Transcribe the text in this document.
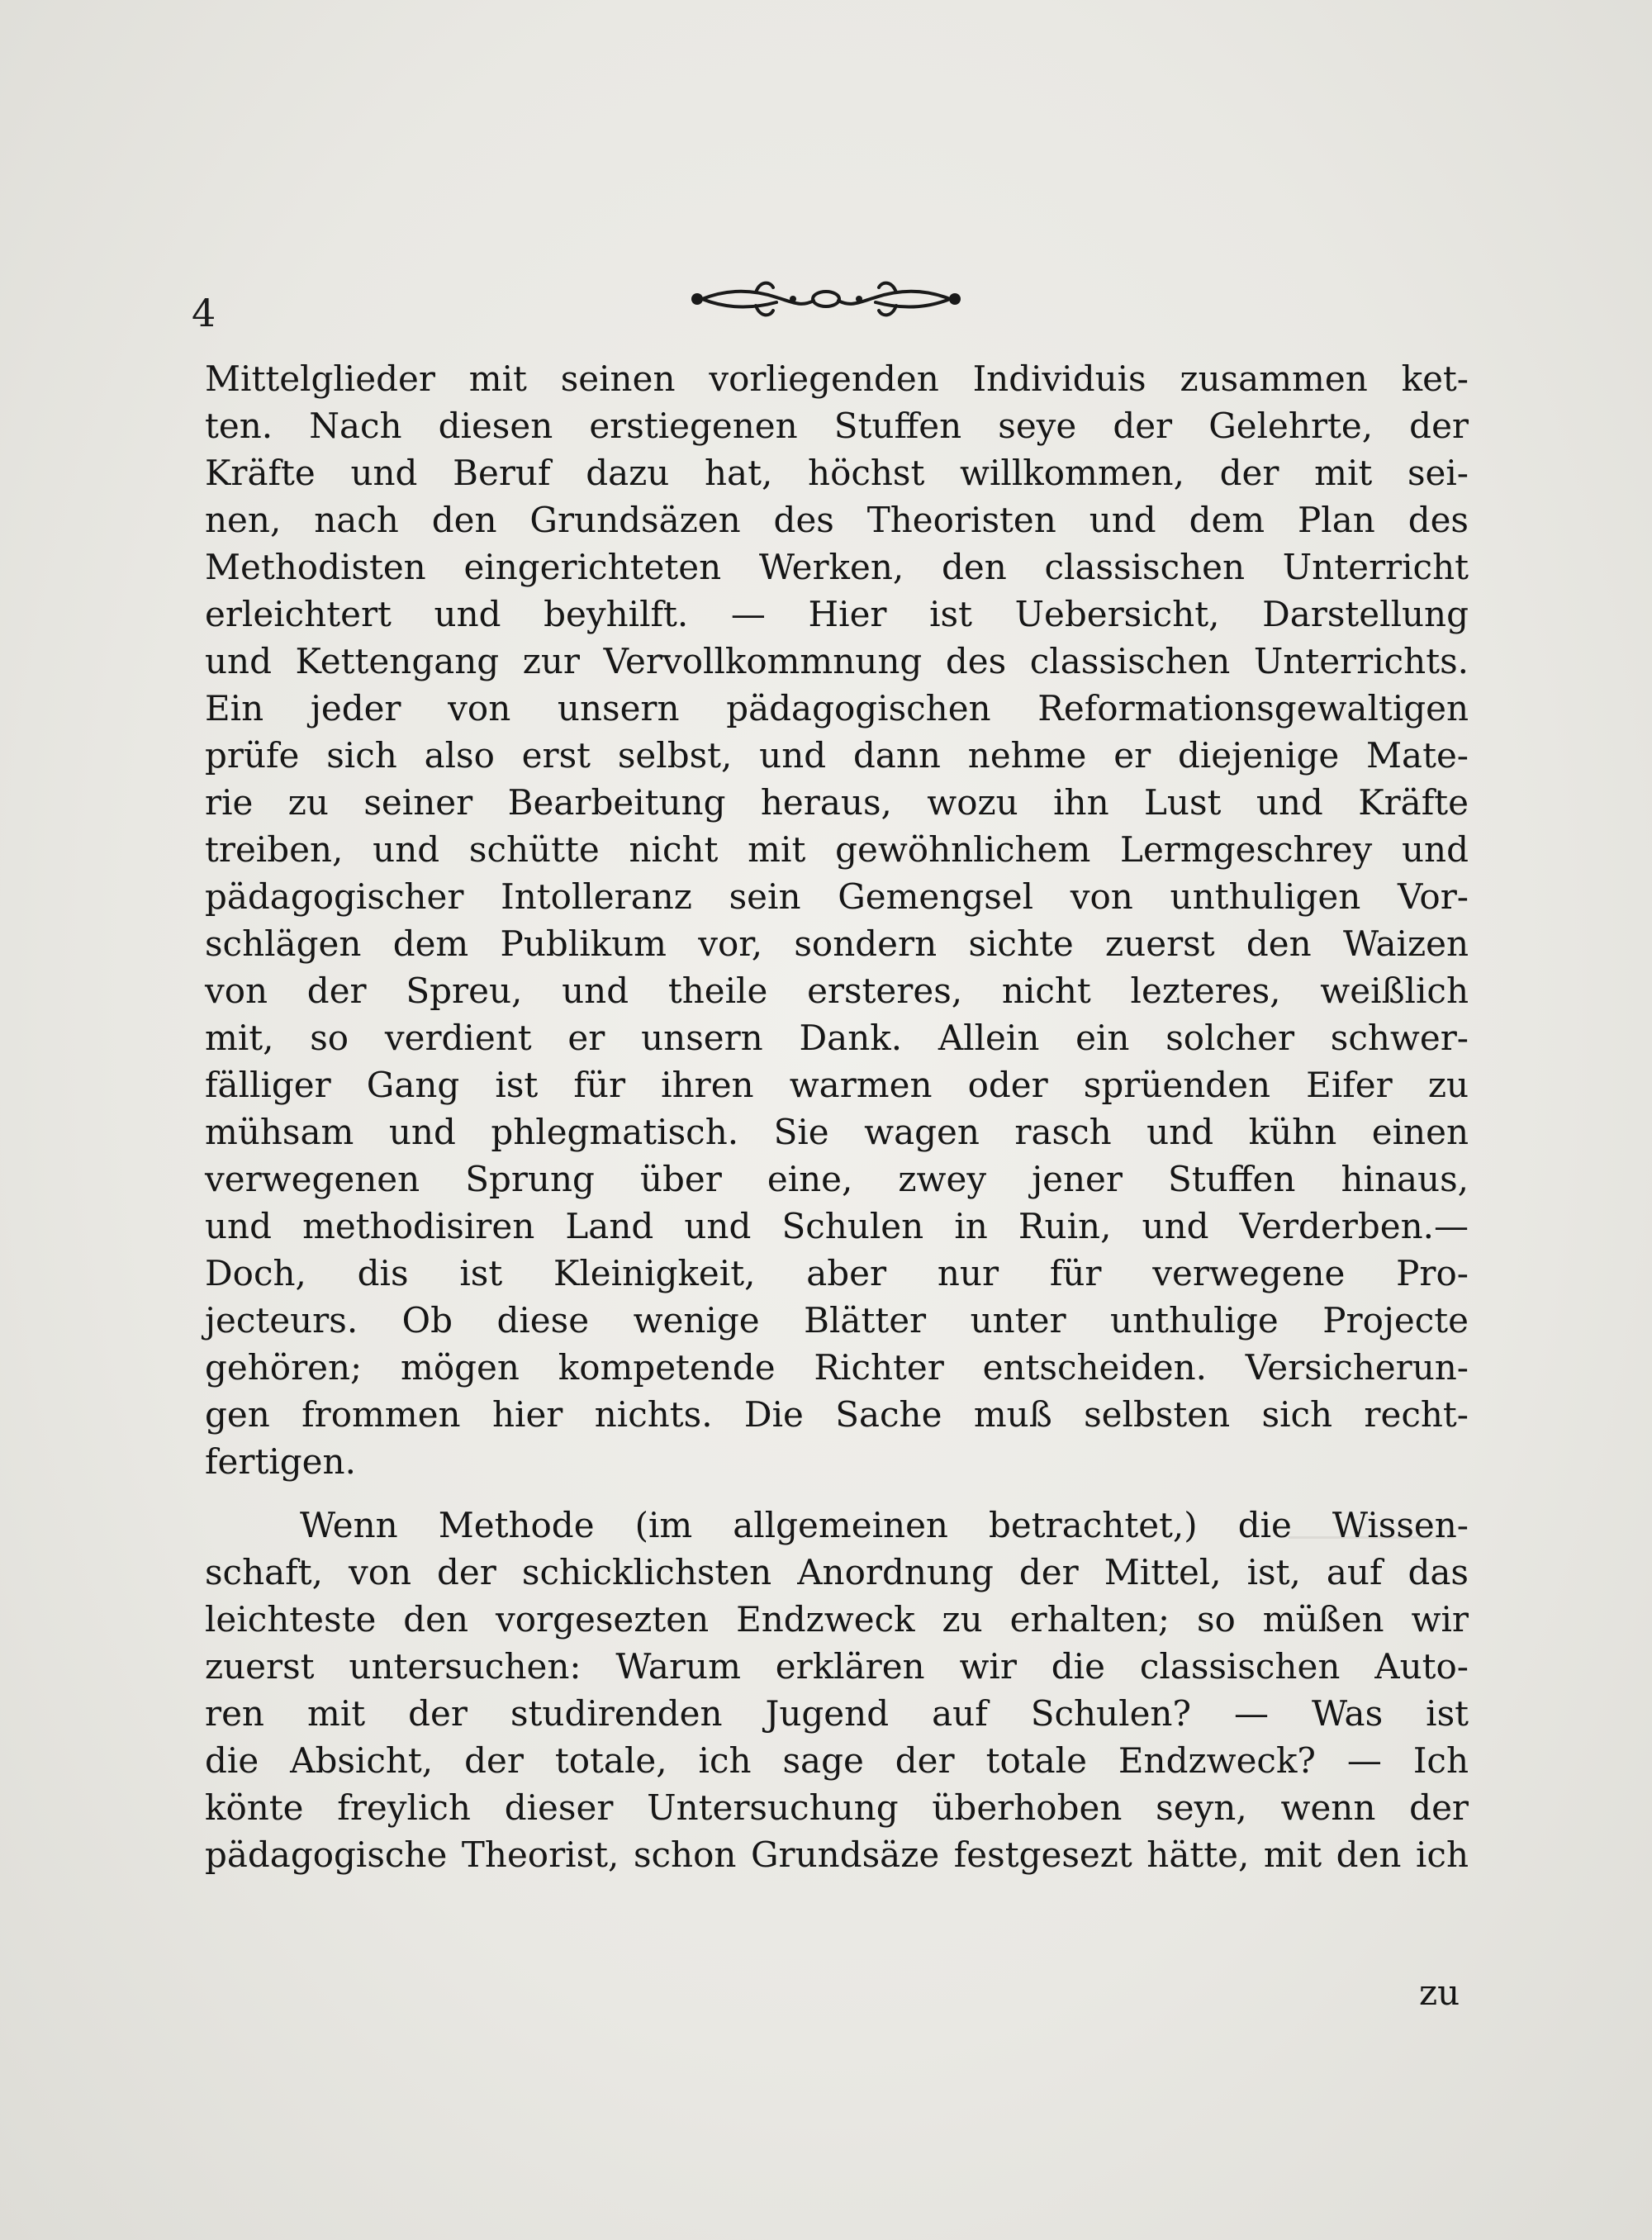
4
Mittelglieder mit seinen vorliegenden Individuis zusammen ket-
ten. Nach diesen erstiegenen Stuffen seye der Gelehrte, der
Kräfte und Beruf dazu hat, höchst willkommen, der mit sei-
nen, nach den Grundsäzen des Theoristen und dem Plan des
Methodisten eingerichteten Werken, den classischen Unterricht
erleichtert und beyhilft. — Hier ist Uebersicht, Darstellung
und Kettengang zur Vervollkommnung des classischen Unterrichts.
Ein jeder von unsern pädagogischen Reformationsgewaltigen
prüfe sich also erst selbst, und dann nehme er diejenige Mate-
rie zu seiner Bearbeitung heraus, wozu ihn Lust und Kräfte
treiben, und schütte nicht mit gewöhnlichem Lermgeschrey und
pädagogischer Intolleranz sein Gemengsel von unthuligen Vor-
schlägen dem Publikum vor, sondern sichte zuerst den Waizen
von der Spreu, und theile ersteres, nicht lezteres, weißlich
mit, so verdient er unsern Dank. Allein ein solcher schwer-
fälliger Gang ist für ihren warmen oder sprüenden Eifer zu
mühsam und phlegmatisch. Sie wagen rasch und kühn einen
verwegenen Sprung über eine, zwey jener Stuffen hinaus,
und methodisiren Land und Schulen in Ruin, und Verderben.—
Doch, dis ist Kleinigkeit, aber nur für verwegene Pro-
jecteurs. Ob diese wenige Blätter unter unthulige Projecte
gehören; mögen kompetende Richter entscheiden. Versicherun-
gen frommen hier nichts. Die Sache muß selbsten sich recht-
fertigen.
Wenn Methode (im allgemeinen betrachtet,) die Wissen-
schaft, von der schicklichsten Anordnung der Mittel, ist, auf das
leichteste den vorgesezten Endzweck zu erhalten; so müßen wir
zuerst untersuchen: Warum erklären wir die classischen Auto-
ren mit der studirenden Jugend auf Schulen? — Was ist
die Absicht, der totale, ich sage der totale Endzweck? — Ich
könte freylich dieser Untersuchung überhoben seyn, wenn der
pädagogische Theorist, schon Grundsäze festgesezt hätte, mit den ich
zu
